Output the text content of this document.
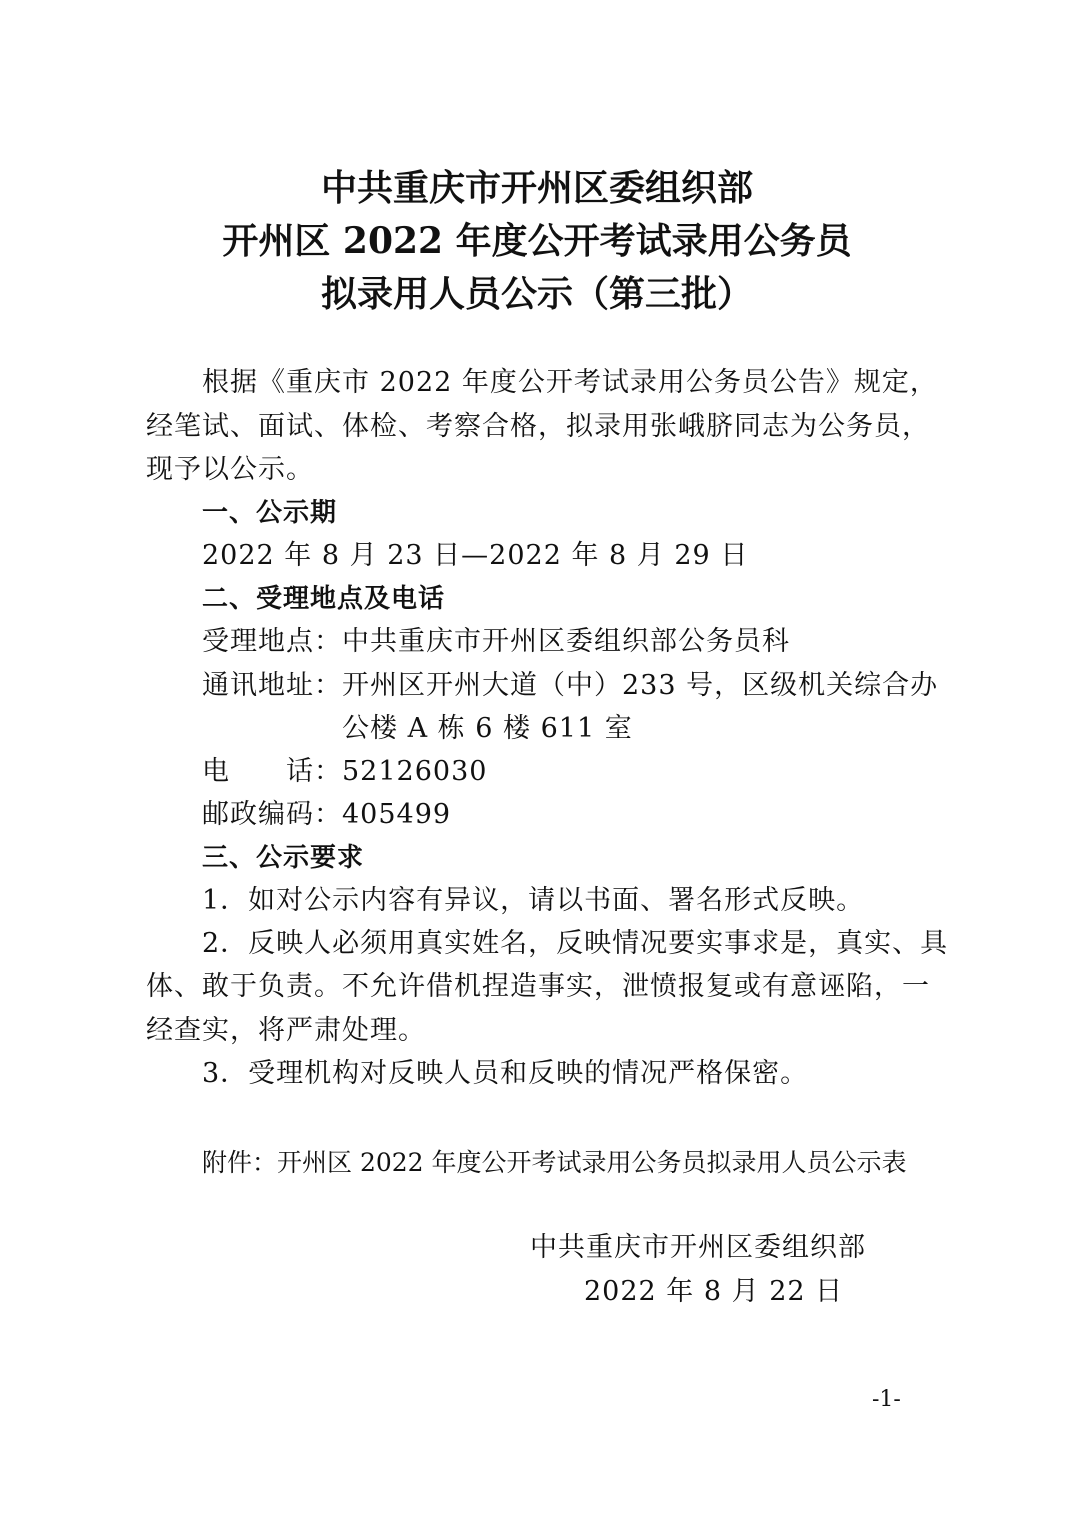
中共重庆市开州区委组织部
开州区 2022 年度公开考试录用公务员
拟录用人员公示（第三批）
根据《重庆市 2022 年度公开考试录用公务员公告》规定，
经笔试、面试、体检、考察合格，拟录用张峨脐同志为公务员，
现予以公示。
一、公示期
2022 年 8 月 23 日—2022 年 8 月 29 日
二、受理地点及电话
受理地点：中共重庆市开州区委组织部公务员科
通讯地址：开州区开州大道（中）233 号，区级机关综合办
公楼 A 栋 6 楼 611 室
电　　话：52126030
邮政编码：405499
三、公示要求
1．如对公示内容有异议，请以书面、署名形式反映。
2．反映人必须用真实姓名，反映情况要实事求是，真实、具
体、敢于负责。不允许借机捏造事实，泄愤报复或有意诬陷，一
经查实，将严肃处理。
3．受理机构对反映人员和反映的情况严格保密。
附件：开州区 2022 年度公开考试录用公务员拟录用人员公示表
中共重庆市开州区委组织部
2022 年 8 月 22 日
-1-
